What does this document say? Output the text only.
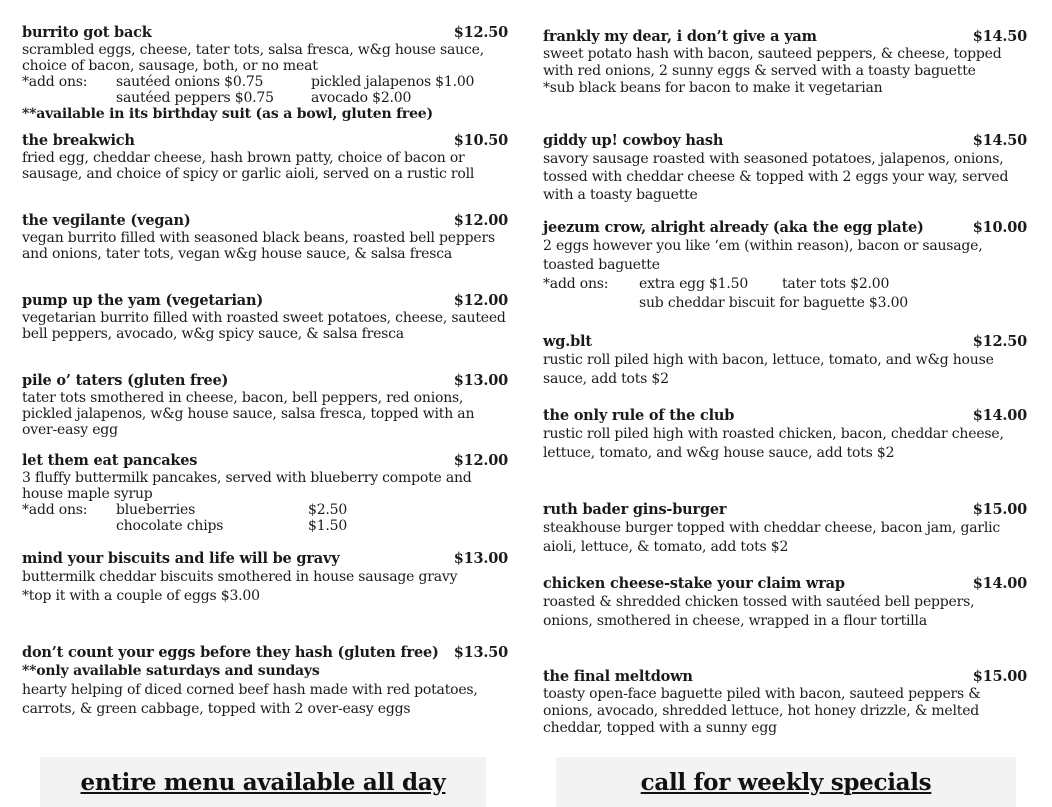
burrito got back	$12.50
scrambled eggs, cheese, tater tots, salsa fresca, w&g house sauce, choice of bacon, sausage, both, or no meat
*add ons:	sautéed onions $0.75	pickled jalapenos $1.00
sautéed peppers $0.75	avocado $2.00
**available in its birthday suit (as a bowl, gluten free)
the breakwich	$10.50
fried egg, cheddar cheese, hash brown patty, choice of bacon or sausage, and choice of spicy or garlic aioli, served on a rustic roll
the vegilante (vegan)	$12.00
vegan burrito filled with seasoned black beans, roasted bell peppers and onions, tater tots, vegan w&g house sauce, & salsa fresca
pump up the yam (vegetarian)	$12.00
vegetarian burrito filled with roasted sweet potatoes, cheese, sauteed bell peppers, avocado, w&g spicy sauce, & salsa fresca
pile o’ taters (gluten free)	$13.00
tater tots smothered in cheese, bacon, bell peppers, red onions, pickled jalapenos, w&g house sauce, salsa fresca, topped with an over-easy egg
let them eat pancakes	$12.00
3 fluffy buttermilk pancakes, served with blueberry compote and house maple syrup
*add ons:	blueberries	$2.50
chocolate chips	$1.50
mind your biscuits and life will be gravy	$13.00
buttermilk cheddar biscuits smothered in house sausage gravy
*top it with a couple of eggs $3.00
don’t count your eggs before they hash (gluten free) $13.50
**only available saturdays and sundays
hearty helping of diced corned beef hash made with red potatoes, carrots, & green cabbage, topped with 2 over-easy eggs
frankly my dear, i don’t give a yam	$14.50
sweet potato hash with bacon, sauteed peppers, & cheese, topped with red onions, 2 sunny eggs & served with a toasty baguette
*sub black beans for bacon to make it vegetarian
giddy up! cowboy hash	$14.50
savory sausage roasted with seasoned potatoes, jalapenos, onions, tossed with cheddar cheese & topped with 2 eggs your way, served with a toasty baguette
jeezum crow, alright already (aka the egg plate)	$10.00
2 eggs however you like ‘em (within reason), bacon or sausage, toasted baguette
*add ons:	extra egg $1.50	tater tots $2.00
sub cheddar biscuit for baguette $3.00
wg.blt	$12.50
rustic roll piled high with bacon, lettuce, tomato, and w&g house sauce, add tots $2
the only rule of the club	$14.00
rustic roll piled high with roasted chicken, bacon, cheddar cheese, lettuce, tomato, and w&g house sauce, add tots $2
ruth bader gins-burger	$15.00
steakhouse burger topped with cheddar cheese, bacon jam, garlic aioli, lettuce, & tomato, add tots $2
chicken cheese-stake your claim wrap	$14.00
roasted & shredded chicken tossed with sautéed bell peppers, onions, smothered in cheese, wrapped in a flour tortilla
the final meltdown	$15.00
toasty open-face baguette piled with bacon, sauteed peppers & onions, avocado, shredded lettuce, hot honey drizzle, & melted cheddar, topped with a sunny egg
entire menu available all day	call for weekly specials
